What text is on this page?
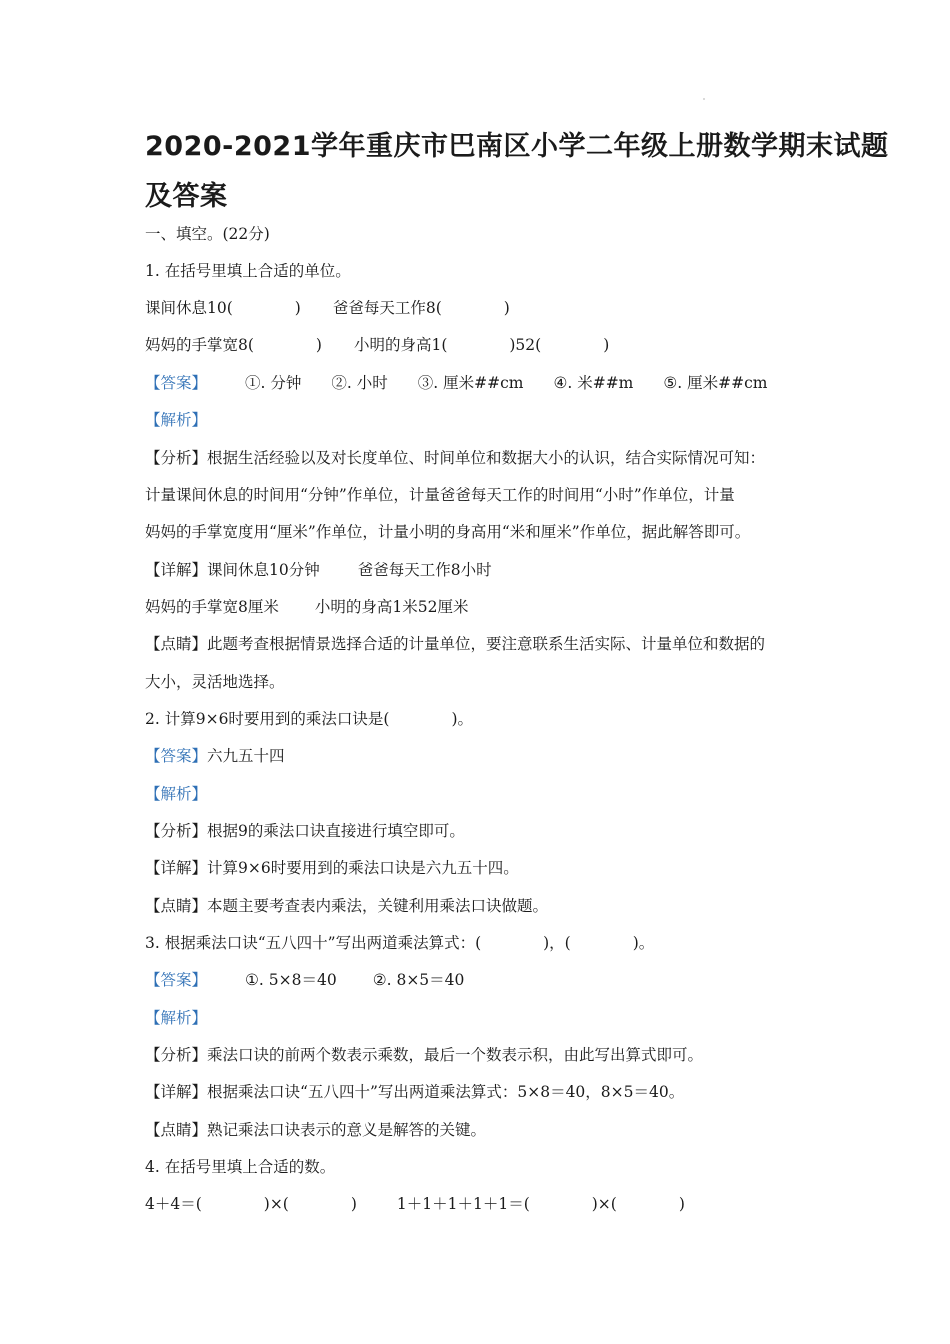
2020-2021学年重庆市巴南区小学二年级上册数学期末试题
及答案
一、填空。(22分)
1. 在括号里填上合适的单位。
课间休息10(　　　　) 爸爸每天工作8(　　　　)
妈妈的手掌宽8(　　　　) 小明的身高1(　　　　)52(　　　　)
【答案】 ①. 分钟 ②. 小时 ③. 厘米##cm ④. 米##m ⑤. 厘米##cm
【解析】
【分析】根据生活经验以及对长度单位、时间单位和数据大小的认识，结合实际情况可知：
计量课间休息的时间用“分钟”作单位，计量爸爸每天工作的时间用“小时”作单位，计量
妈妈的手掌宽度用“厘米”作单位，计量小明的身高用“米和厘米”作单位，据此解答即可。
【详解】课间休息10分钟 爸爸每天工作8小时
妈妈的手掌宽8厘米 小明的身高1米52厘米
【点睛】此题考查根据情景选择合适的计量单位，要注意联系生活实际、计量单位和数据的
大小，灵活地选择。
2. 计算9×6时要用到的乘法口诀是(　　　　)。
【答案】六九五十四
【解析】
【分析】根据9的乘法口诀直接进行填空即可。
【详解】计算9×6时要用到的乘法口诀是六九五十四。
【点睛】本题主要考查表内乘法，关键利用乘法口诀做题。
3. 根据乘法口诀“五八四十”写出两道乘法算式：(　　　　)，(　　　　)。
【答案】 ①. 5×8＝40 ②. 8×5＝40
【解析】
【分析】乘法口诀的前两个数表示乘数，最后一个数表示积，由此写出算式即可。
【详解】根据乘法口诀“五八四十”写出两道乘法算式：5×8＝40，8×5＝40。
【点睛】熟记乘法口诀表示的意义是解答的关键。
4. 在括号里填上合适的数。
4＋4＝(　　　　)×(　　　　)	1＋1＋1＋1＋1＝(　　　　)×(　　　　)
